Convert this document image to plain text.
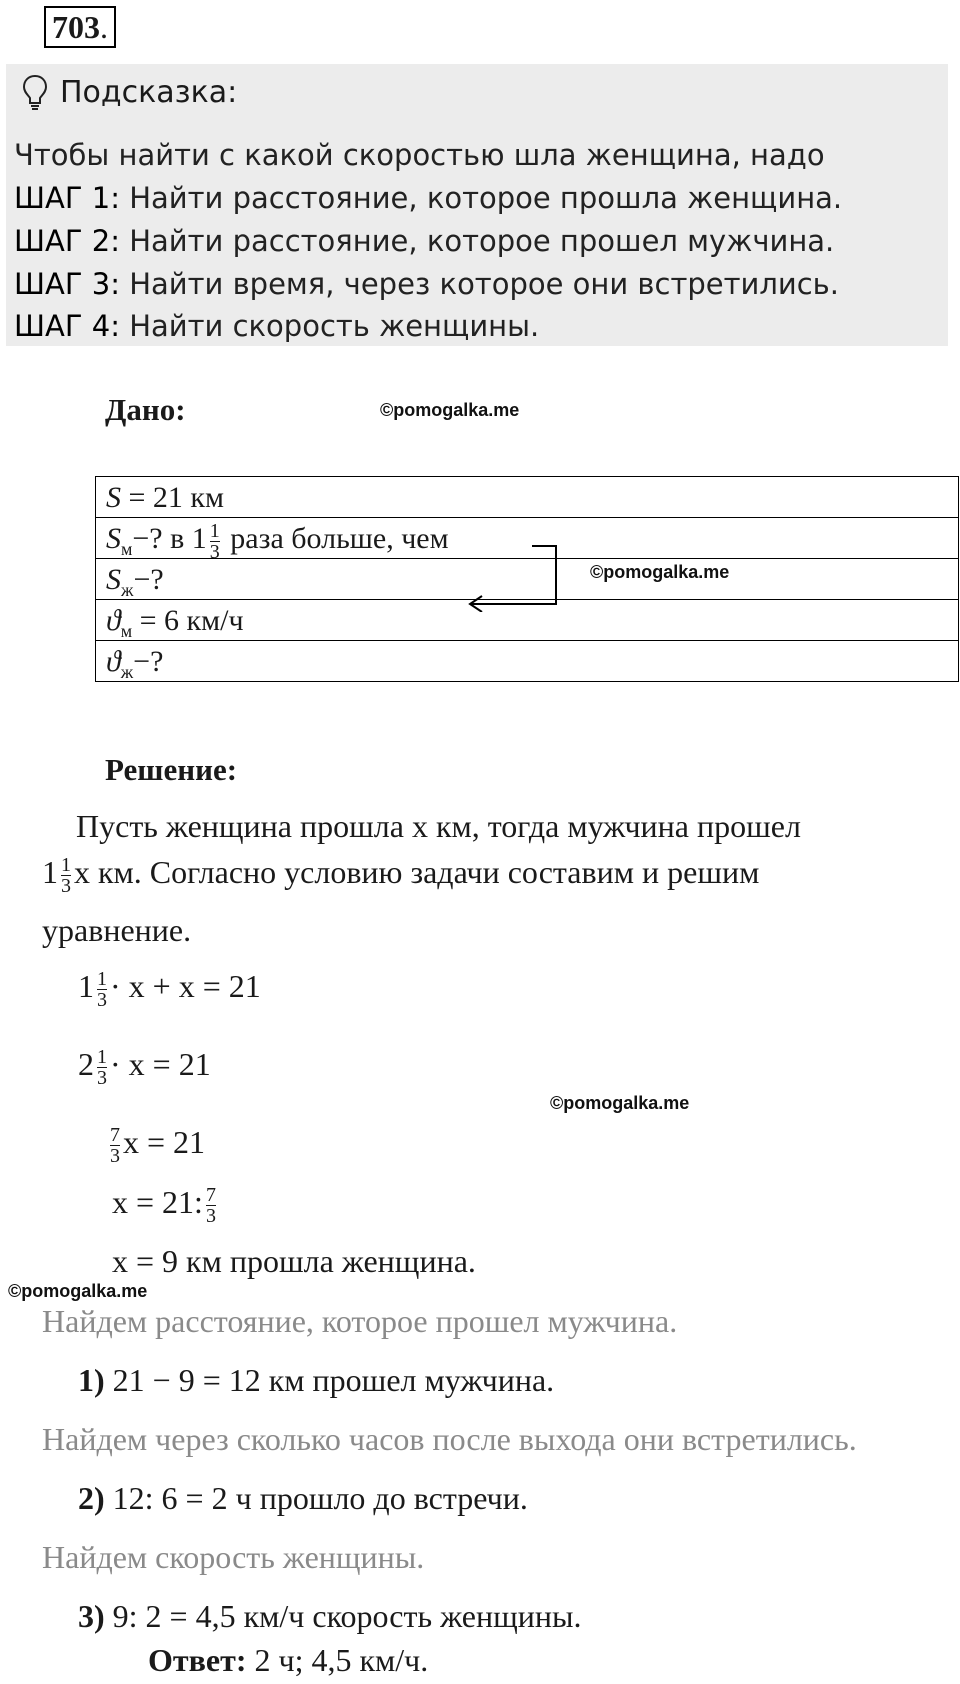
703.
Подсказка:
Чтобы найти с какой скоростью шла женщина, надо
ШАГ 1: Найти расстояние, которое прошла женщина.
ШАГ 2: Найти расстояние, которое прошел мужчина.
ШАГ 3: Найти время, через которое они встретились.
ШАГ 4: Найти скорость женщины.
Дано:	©pomogalka.me
S = 21 км
$S_м-$? в $1 \frac{1}{3}$ раза больше, чем
$S_ж-$?
$ϑ_м = 6$ км/ч
$ϑ_ж-$?
©pomogalka.me
Решение:
Пусть женщина прошла x км, тогда мужчина прошел
$1 \frac{1}{3}$ x км. Согласно условию задачи составим и решим
уравнение.
$1 \frac{1}{3} \cdot x + x = 21$
$2 \frac{1}{3} \cdot x = 21$
©pomogalka.me
$\frac{7}{3}$ x = 21
x = 21: $\frac{7}{3}$
x = 9 км прошла женщина.
©pomogalka.me
Найдем расстояние, которое прошел мужчина.
1) 21 − 9 = 12 км прошел мужчина.
Найдем через сколько часов после выхода они встретились.
2) 12: 6 = 2 ч прошло до встречи.
Найдем скорость женщины.
3) 9: 2 = 4,5 км/ч скорость женщины.
Ответ: 2 ч; 4,5 км/ч.
